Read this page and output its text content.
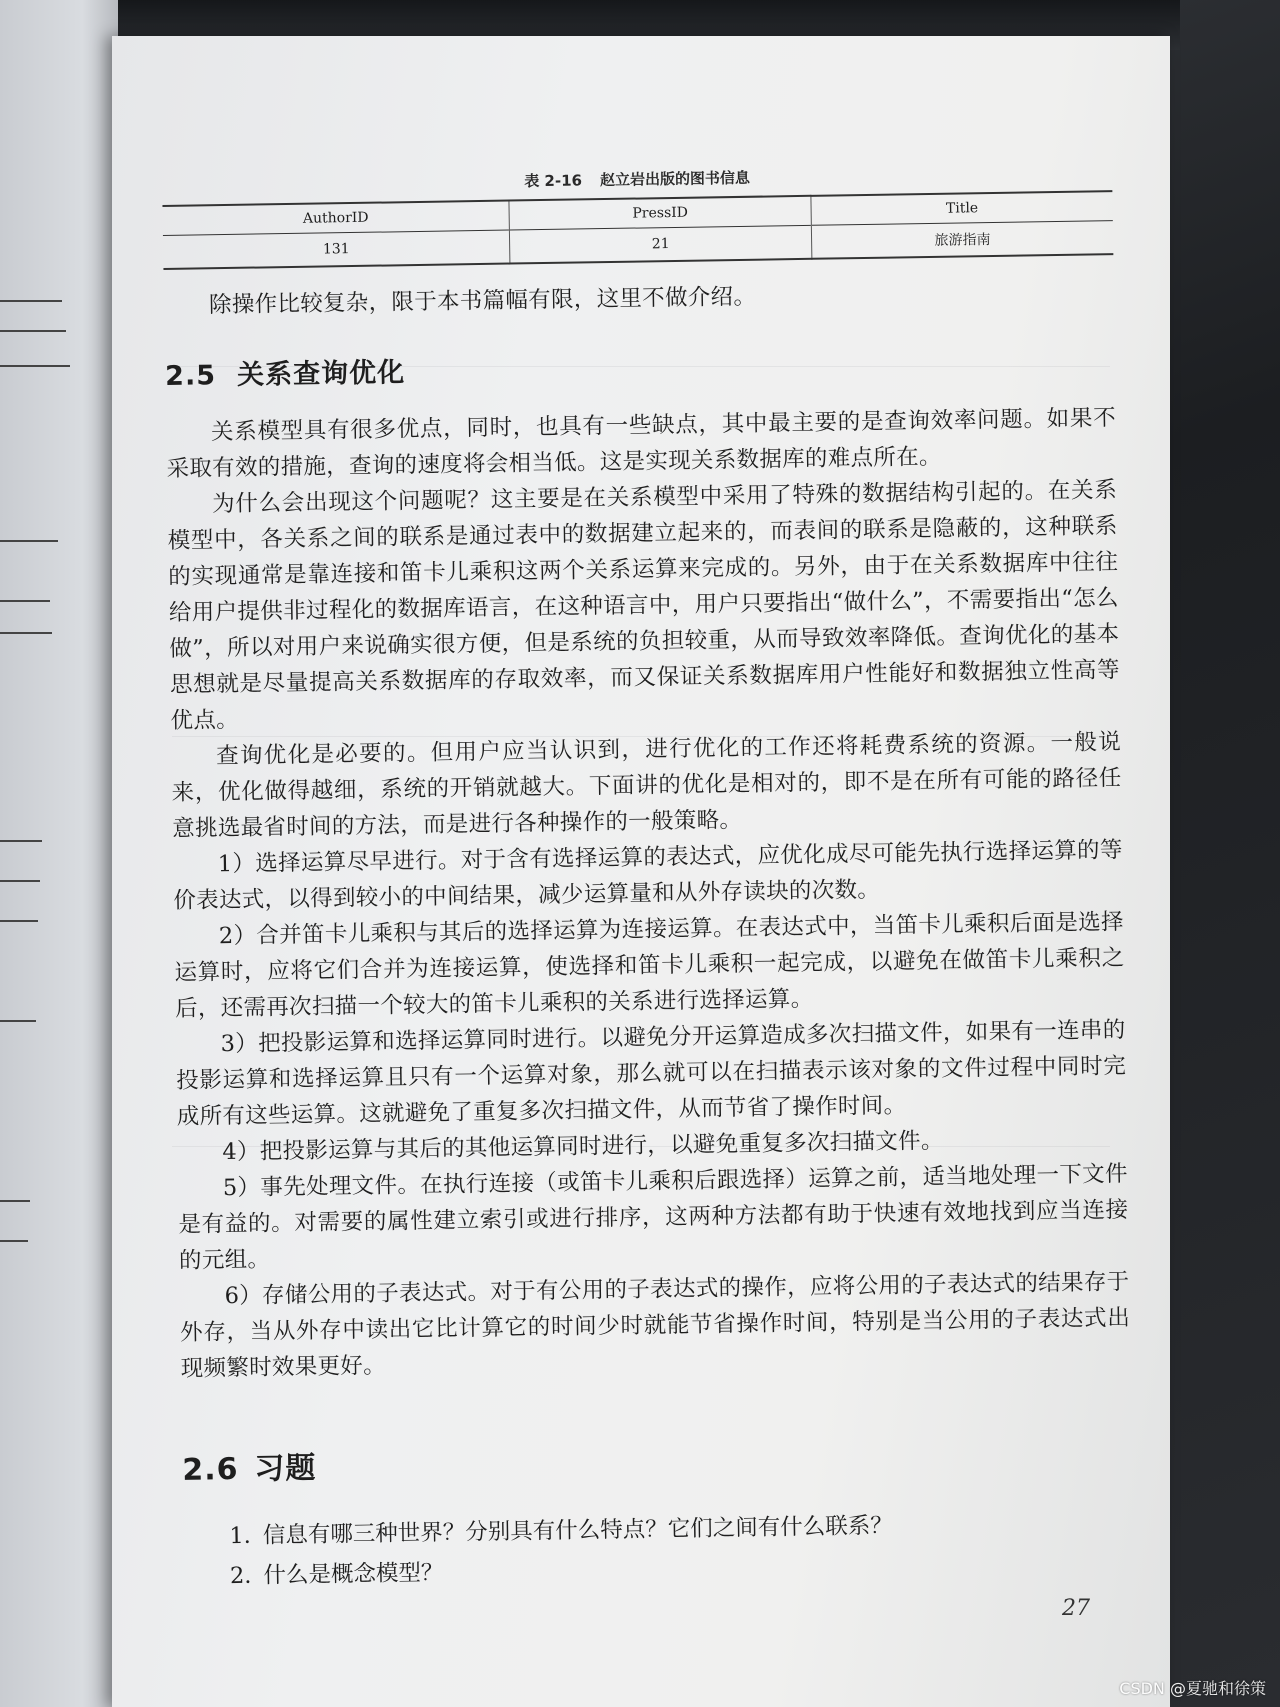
表 2-16 赵立岩出版的图书信息
AuthorID	PressID	Title
131	21	旅游指南

除操作比较复杂，限于本书篇幅有限，这里不做介绍。

2.5 关系查询优化

关系模型具有很多优点，同时，也具有一些缺点，其中最主要的是查询效率问题。如果不采取有效的措施，查询的速度将会相当低。这是实现关系数据库的难点所在。

为什么会出现这个问题呢？这主要是在关系模型中采用了特殊的数据结构引起的。在关系模型中，各关系之间的联系是通过表中的数据建立起来的，而表间的联系是隐蔽的，这种联系的实现通常是靠连接和笛卡儿乘积这两个关系运算来完成的。另外，由于在关系数据库中往往给用户提供非过程化的数据库语言，在这种语言中，用户只要指出“做什么”，不需要指出“怎么做”，所以对用户来说确实很方便，但是系统的负担较重，从而导致效率降低。查询优化的基本思想就是尽量提高关系数据库的存取效率，而又保证关系数据库用户性能好和数据独立性高等优点。

查询优化是必要的。但用户应当认识到，进行优化的工作还将耗费系统的资源。一般说来，优化做得越细，系统的开销就越大。下面讲的优化是相对的，即不是在所有可能的路径任意挑选最省时间的方法，而是进行各种操作的一般策略。

1）选择运算尽早进行。对于含有选择运算的表达式，应优化成尽可能先执行选择运算的等价表达式，以得到较小的中间结果，减少运算量和从外存读块的次数。

2）合并笛卡儿乘积与其后的选择运算为连接运算。在表达式中，当笛卡儿乘积后面是选择运算时，应将它们合并为连接运算，使选择和笛卡儿乘积一起完成，以避免在做笛卡儿乘积之后，还需再次扫描一个较大的笛卡儿乘积的关系进行选择运算。

3）把投影运算和选择运算同时进行。以避免分开运算造成多次扫描文件，如果有一连串的投影运算和选择运算且只有一个运算对象，那么就可以在扫描表示该对象的文件过程中同时完成所有这些运算。这就避免了重复多次扫描文件，从而节省了操作时间。

4）把投影运算与其后的其他运算同时进行，以避免重复多次扫描文件。

5）事先处理文件。在执行连接（或笛卡儿乘积后跟选择）运算之前，适当地处理一下文件是有益的。对需要的属性建立索引或进行排序，这两种方法都有助于快速有效地找到应当连接的元组。

6）存储公用的子表达式。对于有公用的子表达式的操作，应将公用的子表达式的结果存于外存，当从外存中读出它比计算它的时间少时就能节省操作时间，特别是当公用的子表达式出现频繁时效果更好。

2.6 习题
1. 信息有哪三种世界？分别具有什么特点？它们之间有什么联系？
2. 什么是概念模型？
27
CSDN @夏驰和徐策
